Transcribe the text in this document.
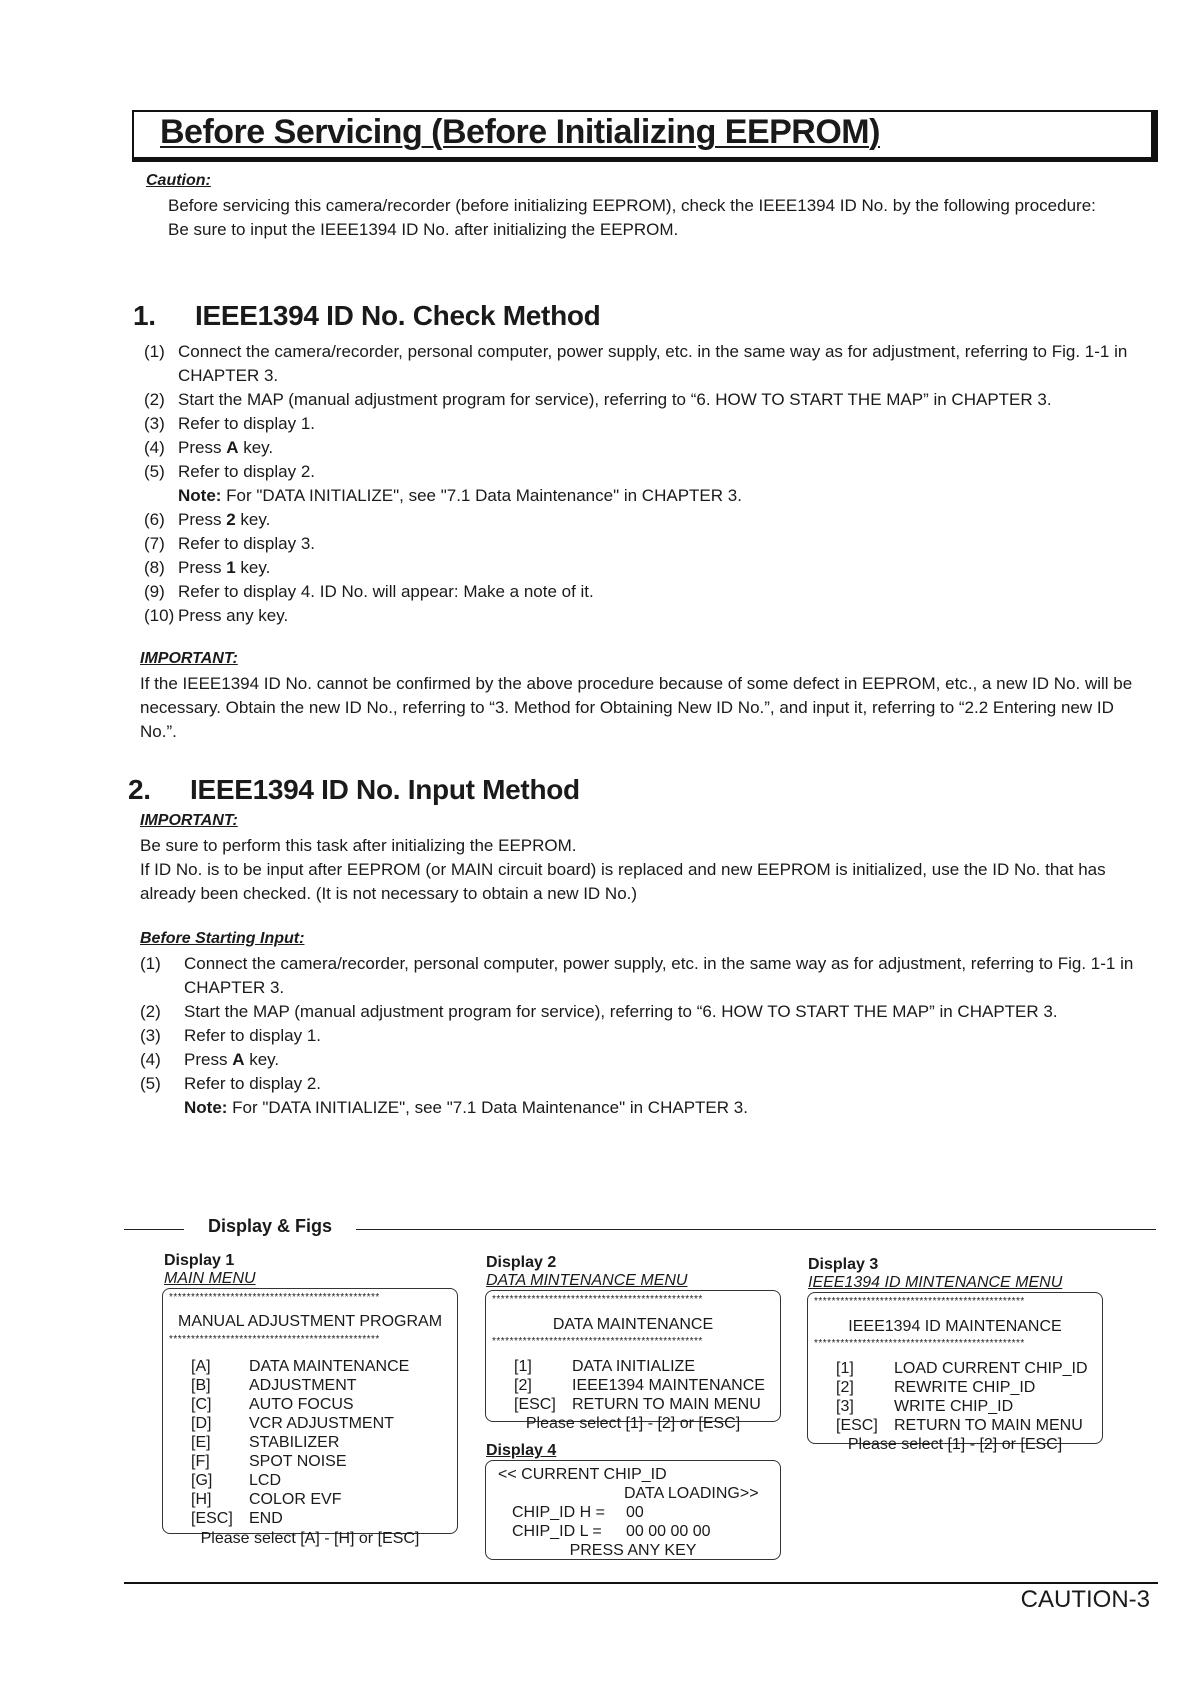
Before Servicing (Before Initializing EEPROM)
Caution:
Before servicing this camera/recorder (before initializing EEPROM), check the IEEE1394 ID No. by the following procedure:
Be sure to input the IEEE1394 ID No. after initializing the EEPROM.
1. IEEE1394 ID No. Check Method
(1) Connect the camera/recorder, personal computer, power supply, etc. in the same way as for adjustment, referring to Fig. 1-1 in CHAPTER 3.
(2) Start the MAP (manual adjustment program for service), referring to “6. HOW TO START THE MAP” in CHAPTER 3.
(3) Refer to display 1.
(4) Press A key.
(5) Refer to display 2.
Note: For "DATA INITIALIZE", see "7.1 Data Maintenance" in CHAPTER 3.
(6) Press 2 key.
(7) Refer to display 3.
(8) Press 1 key.
(9) Refer to display 4. ID No. will appear: Make a note of it.
(10) Press any key.
IMPORTANT:
If the IEEE1394 ID No. cannot be confirmed by the above procedure because of some defect in EEPROM, etc., a new ID No. will be necessary. Obtain the new ID No., referring to “3. Method for Obtaining New ID No.”, and input it, referring to “2.2 Entering new ID No.”.
2. IEEE1394 ID No. Input Method
IMPORTANT:
Be sure to perform this task after initializing the EEPROM.
If ID No. is to be input after EEPROM (or MAIN circuit board) is replaced and new EEPROM is initialized, use the ID No. that has already been checked. (It is not necessary to obtain a new ID No.)
Before Starting Input:
(1)	Connect the camera/recorder, personal computer, power supply, etc. in the same way as for adjustment, referring to Fig. 1-1 in CHAPTER 3.
(2)	Start the MAP (manual adjustment program for service), referring to “6. HOW TO START THE MAP” in CHAPTER 3.
(3)	Refer to display 1.
(4)	Press A key.
(5)	Refer to display 2.
Note: For "DATA INITIALIZE", see "7.1 Data Maintenance" in CHAPTER 3.
Display & Figs
Display 1
MAIN MENU
************************************************
MANUAL ADJUSTMENT PROGRAM
************************************************
[A]	DATA MAINTENANCE
[B]	ADJUSTMENT
[C]	AUTO FOCUS
[D]	VCR ADJUSTMENT
[E]	STABILIZER
[F]	SPOT NOISE
[G]	LCD
[H]	COLOR EVF
[ESC]	END
Please select [A] - [H] or [ESC]
Display 2
DATA MINTENANCE MENU
************************************************
DATA MAINTENANCE
************************************************
[1]	DATA INITIALIZE
[2]	IEEE1394 MAINTENANCE
[ESC]	RETURN TO MAIN MENU
Please select [1] - [2] or [ESC]
Display 4
<< CURRENT CHIP_ID
DATA LOADING>>
CHIP_ID H =	00
CHIP_ID L =	00 00 00 00
PRESS ANY KEY
Display 3
IEEE1394 ID MINTENANCE MENU
************************************************
IEEE1394 ID MAINTENANCE
************************************************
[1]	LOAD CURRENT CHIP_ID
[2]	REWRITE CHIP_ID
[3]	WRITE CHIP_ID
[ESC]	RETURN TO MAIN MENU
Please select [1] - [2] or [ESC]
CAUTION-3
